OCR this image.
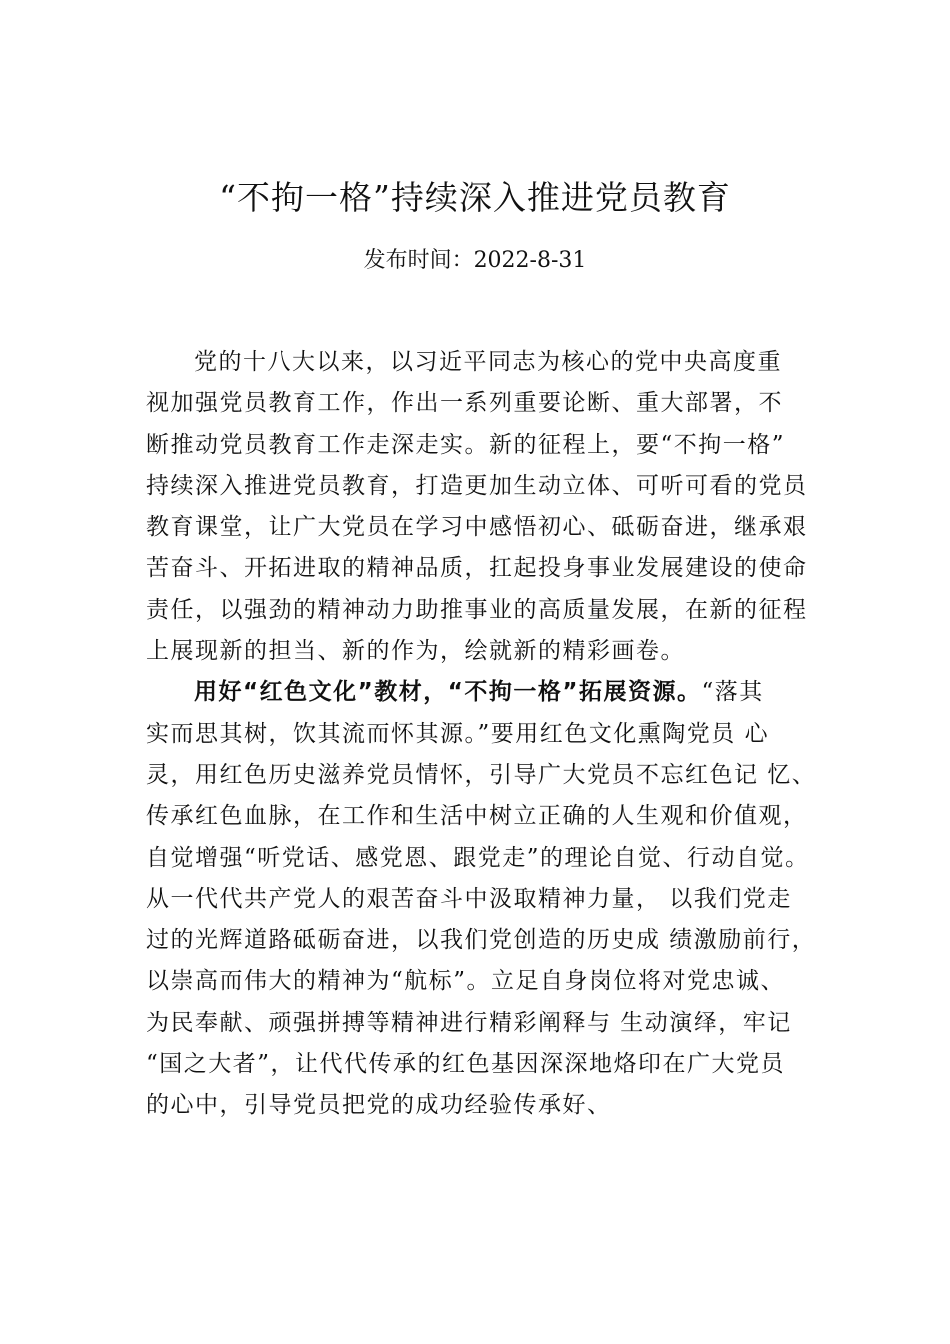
“不拘一格”持续深入推进党员教育
发布时间：2022-8-31
党的十八大以来，以习近平同志为核心的党中央高度重
视加强党员教育工作，作出一系列重要论断、重大部署，不
断推动党员教育工作走深走实。新的征程上，要“不拘一格”
持续深入推进党员教育，打造更加生动立体、可听可看的党员
教育课堂，让广大党员在学习中感悟初心、砥砺奋进，继承艰
苦奋斗、开拓进取的精神品质，扛起投身事业发展建设的使命
责任，以强劲的精神动力助推事业的高质量发展，在新的征程
上展现新的担当、新的作为，绘就新的精彩画卷。
用好“红色文化”教材，“不拘一格”拓展资源。“落其
实而思其树，饮其流而怀其源。”要用红色文化熏陶党员 心
灵，用红色历史滋养党员情怀，引导广大党员不忘红色记 忆、
传承红色血脉，在工作和生活中树立正确的人生观和价值观，
自觉增强“听党话、感党恩、跟党走”的理论自觉、行动自觉。
从一代代共产党人的艰苦奋斗中汲取精神力量， 以我们党走
过的光辉道路砥砺奋进，以我们党创造的历史成 绩激励前行，
以崇高而伟大的精神为“航标”。立足自身岗位将对党忠诚、
为民奉献、顽强拼搏等精神进行精彩阐释与 生动演绎，牢记
“国之大者”，让代代传承的红色基因深深地烙印在广大党员
的心中，引导党员把党的成功经验传承好、
